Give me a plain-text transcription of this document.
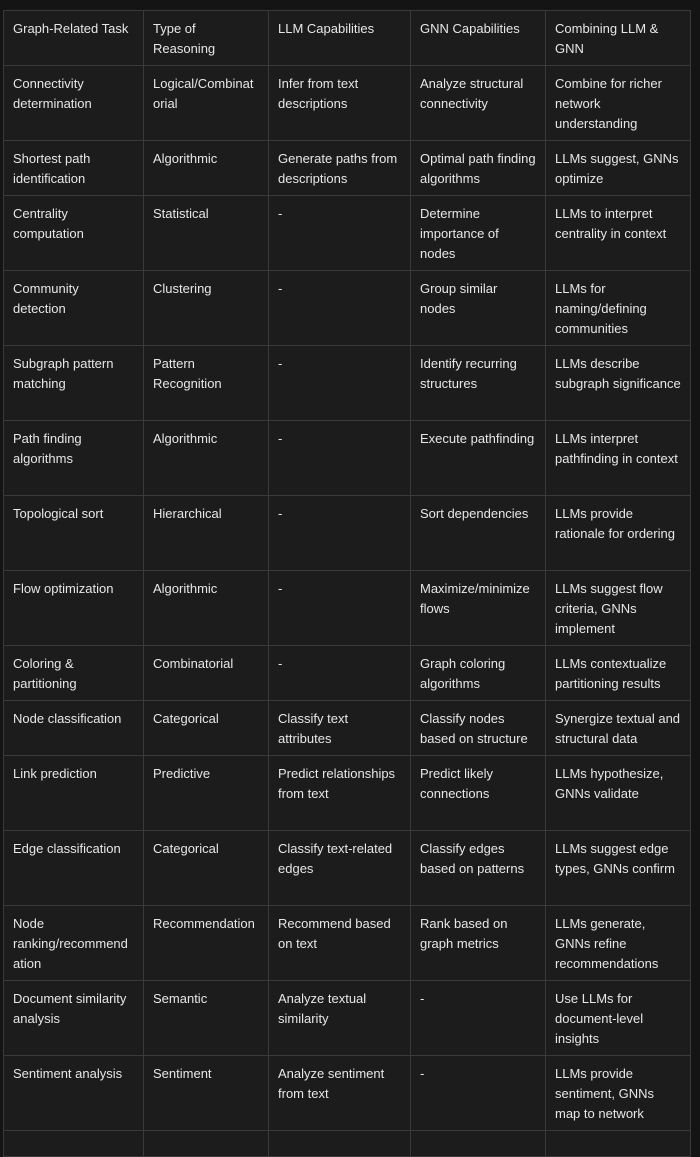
Graph-Related Task	Type of Reasoning	LLM Capabilities	GNN Capabilities	Combining LLM & GNN
Connectivity determination	Logical/Combinatorial	Infer from text descriptions	Analyze structural connectivity	Combine for richer network understanding
Shortest path identification	Algorithmic	Generate paths from descriptions	Optimal path finding algorithms	LLMs suggest, GNNs optimize
Centrality computation	Statistical	-	Determine importance of nodes	LLMs to interpret centrality in context
Community detection	Clustering	-	Group similar nodes	LLMs for naming/defining communities
Subgraph pattern matching	Pattern Recognition	-	Identify recurring structures	LLMs describe subgraph significance
Path finding algorithms	Algorithmic	-	Execute pathfinding	LLMs interpret pathfinding in context
Topological sort	Hierarchical	-	Sort dependencies	LLMs provide rationale for ordering
Flow optimization	Algorithmic	-	Maximize/minimize flows	LLMs suggest flow criteria, GNNs implement
Coloring & partitioning	Combinatorial	-	Graph coloring algorithms	LLMs contextualize partitioning results
Node classification	Categorical	Classify text attributes	Classify nodes based on structure	Synergize textual and structural data
Link prediction	Predictive	Predict relationships from text	Predict likely connections	LLMs hypothesize, GNNs validate
Edge classification	Categorical	Classify text-related edges	Classify edges based on patterns	LLMs suggest edge types, GNNs confirm
Node ranking/recommendation	Recommendation	Recommend based on text	Rank based on graph metrics	LLMs generate, GNNs refine recommendations
Document similarity analysis	Semantic	Analyze textual similarity	-	Use LLMs for document-level insights
Sentiment analysis	Sentiment	Analyze sentiment from text	-	LLMs provide sentiment, GNNs map to network
